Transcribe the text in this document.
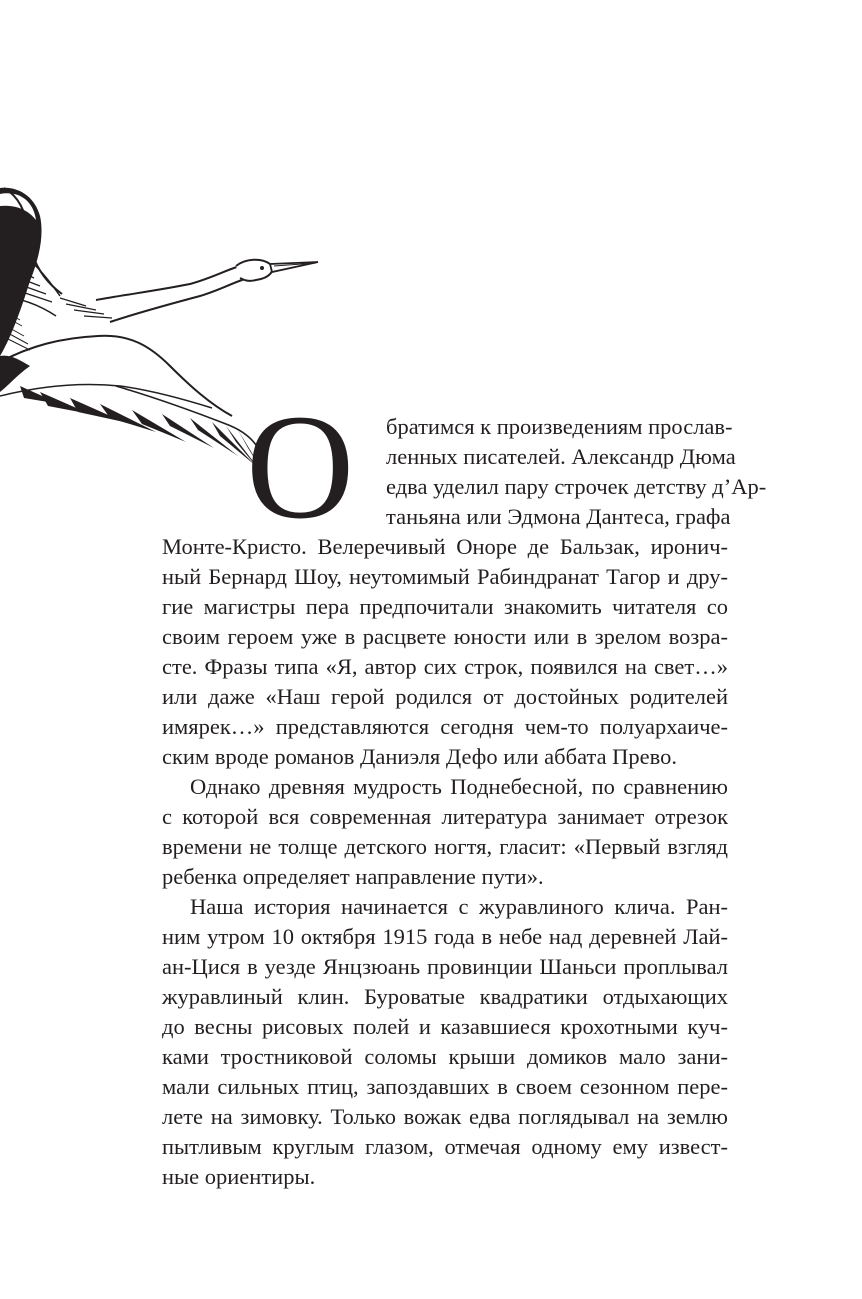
О братимся к произведениям прослав-
ленных писателей. Александр Дюма
едва уделил пару строчек детству д’Ар-
таньяна или Эдмона Дантеса, графа
Монте-Кристо. Велеречивый Оноре де Бальзак, иронич-
ный Бернард Шоу, неутомимый Рабиндранат Тагор и дру-
гие магистры пера предпочитали знакомить читателя со
своим героем уже в расцвете юности или в зрелом возра-
сте. Фразы типа «Я, автор сих строк, появился на свет…»
или даже «Наш герой родился от достойных родителей
имярек…» представляются сегодня чем-то полуархаиче-
ским вроде романов Даниэля Дефо или аббата Прево.
Однако древняя мудрость Поднебесной, по сравнению
с которой вся современная литература занимает отрезок
времени не толще детского ногтя, гласит: «Первый взгляд
ребенка определяет направление пути».
Наша история начинается с журавлиного клича. Ран-
ним утром 10 октября 1915 года в небе над деревней Лай-
ан-Цися в уезде Янцзюань провинции Шаньси проплывал
журавлиный клин. Буроватые квадратики отдыхающих
до весны рисовых полей и казавшиеся крохотными куч-
ками тростниковой соломы крыши домиков мало зани-
мали сильных птиц, запоздавших в своем сезонном пере-
лете на зимовку. Только вожак едва поглядывал на землю
пытливым круглым глазом, отмечая одному ему извест-
ные ориентиры.
